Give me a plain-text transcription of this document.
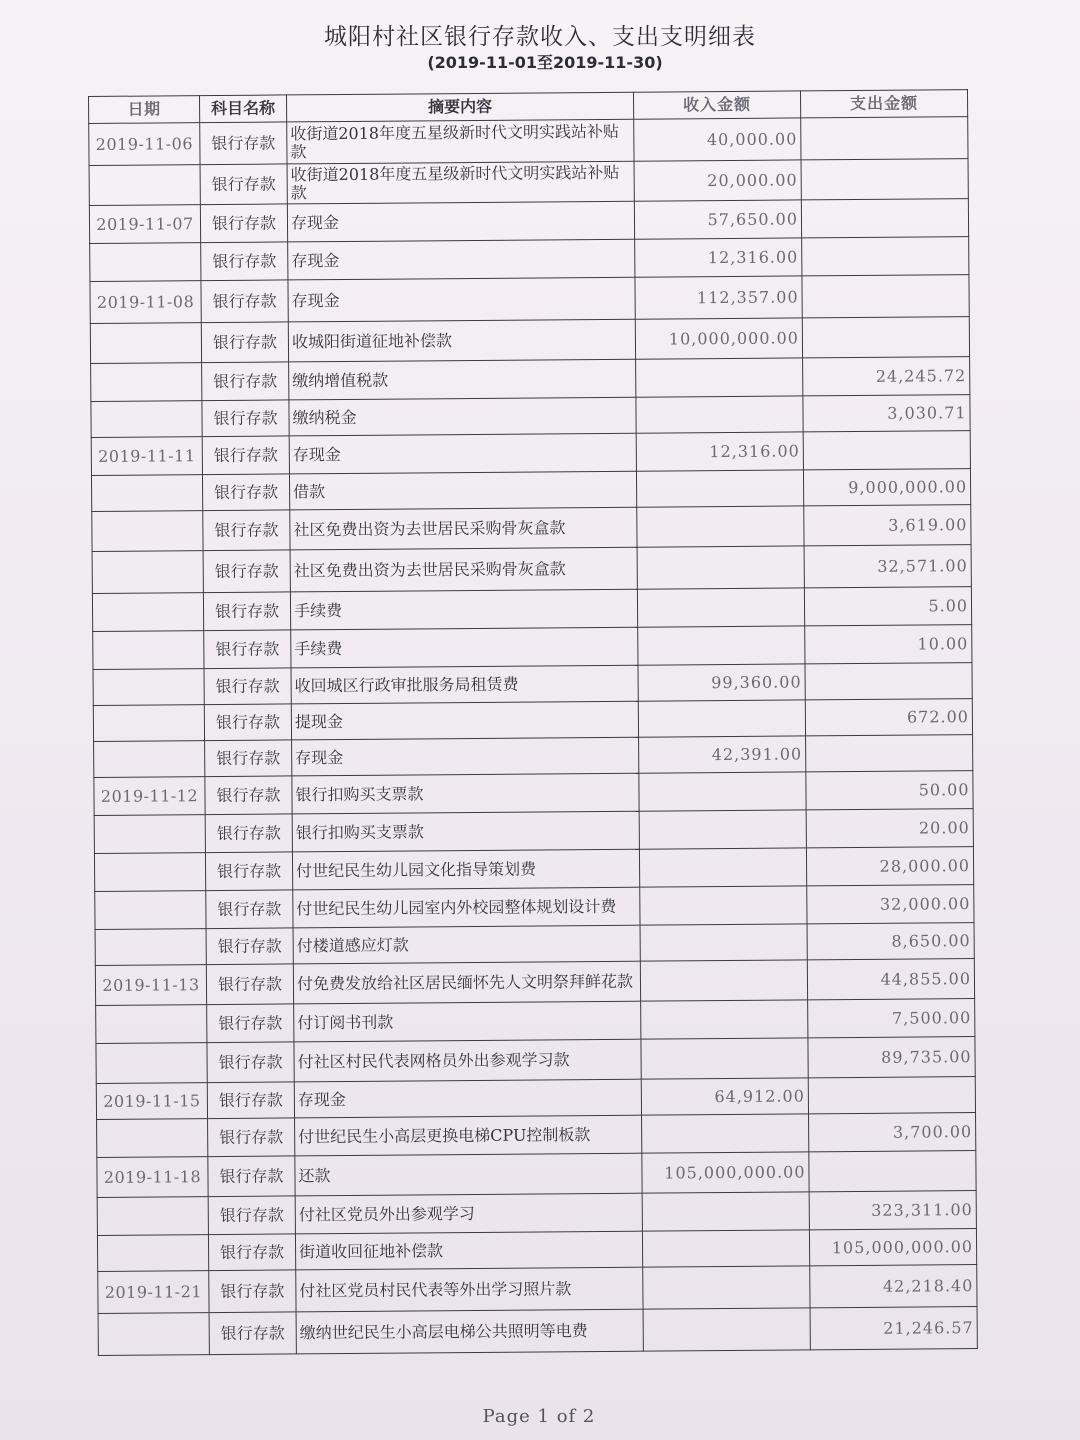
城阳村社区银行存款收入、支出支明细表
(2019-11-01至2019-11-30)
日期	科目名称	摘要内容	收入金额	支出金额
2019-11-06	银行存款	收街道2018年度五星级新时代文明实践站补贴款	40,000.00	
	银行存款	收街道2018年度五星级新时代文明实践站补贴款	20,000.00	
2019-11-07	银行存款	存现金	57,650.00	
	银行存款	存现金	12,316.00	
2019-11-08	银行存款	存现金	112,357.00	
	银行存款	收城阳街道征地补偿款	10,000,000.00	
	银行存款	缴纳增值税款		24,245.72
	银行存款	缴纳税金		3,030.71
2019-11-11	银行存款	存现金	12,316.00	
	银行存款	借款		9,000,000.00
	银行存款	社区免费出资为去世居民采购骨灰盒款		3,619.00
	银行存款	社区免费出资为去世居民采购骨灰盒款		32,571.00
	银行存款	手续费		5.00
	银行存款	手续费		10.00
	银行存款	收回城区行政审批服务局租赁费	99,360.00	
	银行存款	提现金		672.00
	银行存款	存现金	42,391.00	
2019-11-12	银行存款	银行扣购买支票款		50.00
	银行存款	银行扣购买支票款		20.00
	银行存款	付世纪民生幼儿园文化指导策划费		28,000.00
	银行存款	付世纪民生幼儿园室内外校园整体规划设计费		32,000.00
	银行存款	付楼道感应灯款		8,650.00
2019-11-13	银行存款	付免费发放给社区居民缅怀先人文明祭拜鲜花款		44,855.00
	银行存款	付订阅书刊款		7,500.00
	银行存款	付社区村民代表网格员外出参观学习款		89,735.00
2019-11-15	银行存款	存现金	64,912.00	
	银行存款	付世纪民生小高层更换电梯CPU控制板款		3,700.00
2019-11-18	银行存款	还款	105,000,000.00	
	银行存款	付社区党员外出参观学习		323,311.00
	银行存款	街道收回征地补偿款		105,000,000.00
2019-11-21	银行存款	付社区党员村民代表等外出学习照片款		42,218.40
	银行存款	缴纳世纪民生小高层电梯公共照明等电费		21,246.57
Page 1 of 2
